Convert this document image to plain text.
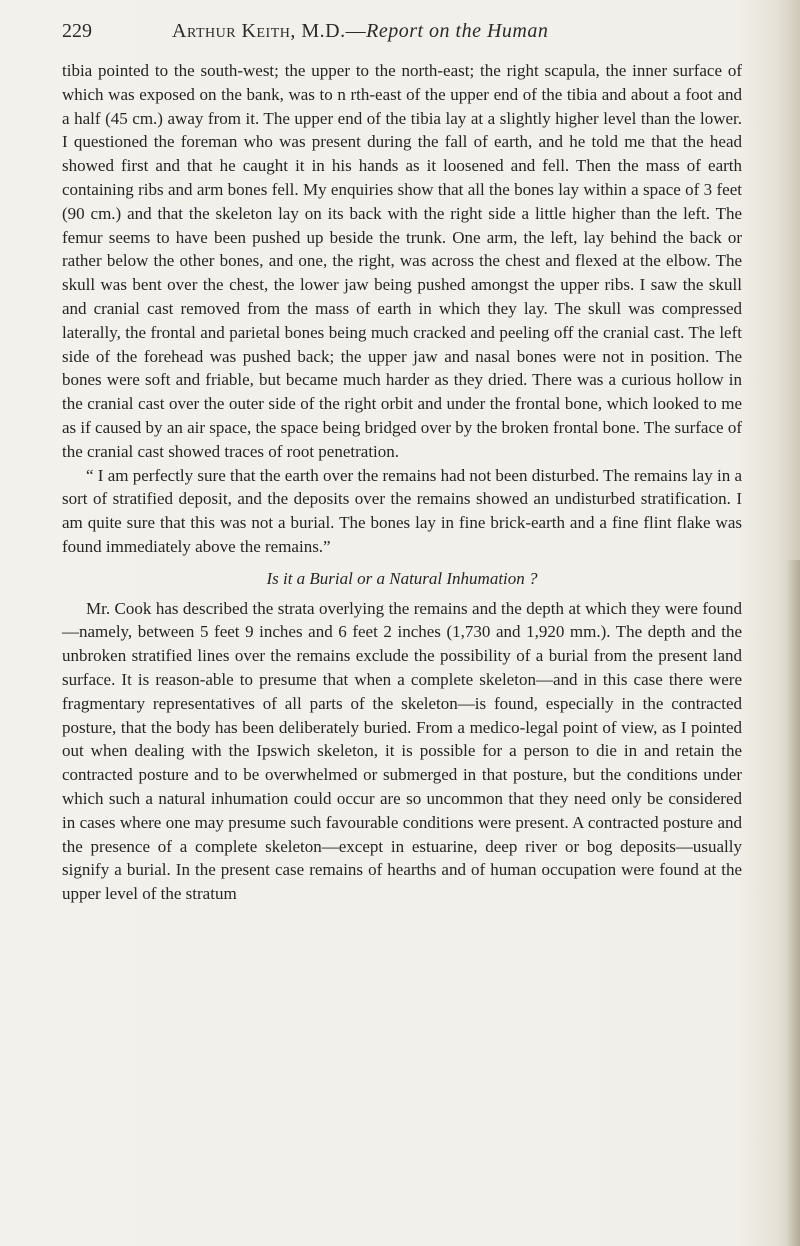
229	Arthur Keith, M.D.—Report on the Human

tibia pointed to the south-west; the upper to the north-east; the right scapula, the inner surface of which was exposed on the bank, was to n rth-east of the upper end of the tibia and about a foot and a half (45 cm.) away from it. The upper end of the tibia lay at a slightly higher level than the lower. I questioned the foreman who was present during the fall of earth, and he told me that the head showed first and that he caught it in his hands as it loosened and fell. Then the mass of earth containing ribs and arm bones fell. My enquiries show that all the bones lay within a space of 3 feet (90 cm.) and that the skeleton lay on its back with the right side a little higher than the left. The femur seems to have been pushed up beside the trunk. One arm, the left, lay behind the back or rather below the other bones, and one, the right, was across the chest and flexed at the elbow. The skull was bent over the chest, the lower jaw being pushed amongst the upper ribs. I saw the skull and cranial cast removed from the mass of earth in which they lay. The skull was compressed laterally, the frontal and parietal bones being much cracked and peeling off the cranial cast. The left side of the forehead was pushed back; the upper jaw and nasal bones were not in position. The bones were soft and friable, but became much harder as they dried. There was a curious hollow in the cranial cast over the outer side of the right orbit and under the frontal bone, which looked to me as if caused by an air space, the space being bridged over by the broken frontal bone. The surface of the cranial cast showed traces of root penetration.

“ I am perfectly sure that the earth over the remains had not been disturbed. The remains lay in a sort of stratified deposit, and the deposits over the remains showed an undisturbed stratification. I am quite sure that this was not a burial. The bones lay in fine brick-earth and a fine flint flake was found immediately above the remains.”

Is it a Burial or a Natural Inhumation ?

Mr. Cook has described the strata overlying the remains and the depth at which they were found—namely, between 5 feet 9 inches and 6 feet 2 inches (1,730 and 1,920 mm.). The depth and the unbroken stratified lines over the remains exclude the possibility of a burial from the present land surface. It is reason-able to presume that when a complete skeleton—and in this case there were fragmentary representatives of all parts of the skeleton—is found, especially in the contracted posture, that the body has been deliberately buried. From a medico-legal point of view, as I pointed out when dealing with the Ipswich skeleton, it is possible for a person to die in and retain the contracted posture and to be overwhelmed or submerged in that posture, but the conditions under which such a natural inhumation could occur are so uncommon that they need only be considered in cases where one may presume such favourable conditions were present. A contracted posture and the presence of a complete skeleton—except in estuarine, deep river or bog deposits—usually signify a burial. In the present case remains of hearths and of human occupation were found at the upper level of the stratum
